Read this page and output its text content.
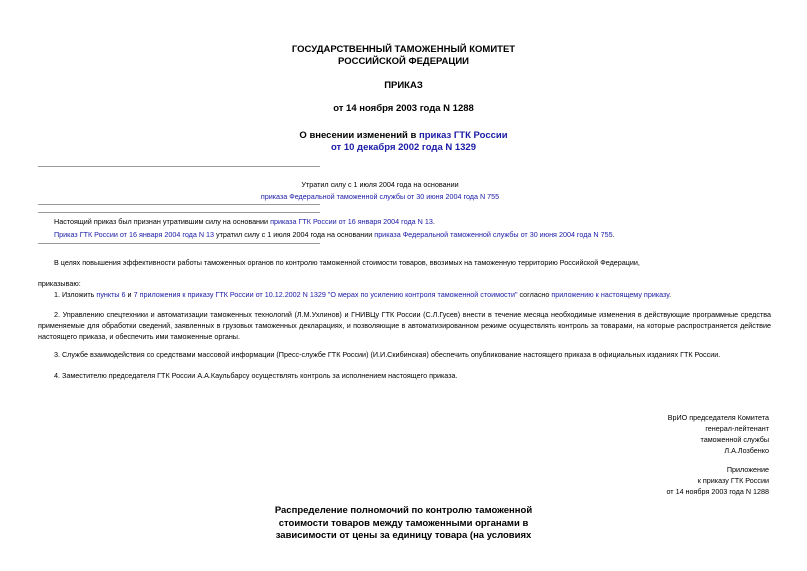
ГОСУДАРСТВЕННЫЙ ТАМОЖЕННЫЙ КОМИТЕТ

РОССИЙСКОЙ ФЕДЕРАЦИИ

ПРИКАЗ
от 14 ноября 2003 года N 1288

О внесении изменений в приказ ГТК России

от 10 декабря 2002 года N 1329

Утратил силу с 1 июля 2004 года на основании

приказа Федеральной таможенной службы от 30 июня 2004 года N 755

Настоящий приказ был признан утратившим силу на основании приказа ГТК России от 16 января 2004 года N 13.

Приказ ГТК России от 16 января 2004 года N 13 утратил силу с 1 июля 2004 года на основании приказа Федеральной таможенной службы от 30 июня 2004 года N 755.

В целях повышения эффективности работы таможенных органов по контролю таможенной стоимости товаров, ввозимых на таможенную территорию Российской Федерации,
приказываю:
1. Изложить пункты 6 и 7 приложения к приказу ГТК России от 10.12.2002 N 1329 "О мерах по усилению контроля таможенной стоимости" согласно приложению к настоящему приказу.
2. Управлению спецтехники и автоматизации таможенных технологий (Л.М.Ухлинов) и ГНИВЦу ГТК России (С.Л.Гусев) внести в течение месяца необходимые изменения в действующие программные средства применяемые для обработки сведений, заявленных в грузовых таможенных декларациях, и позволяющие в автоматизированном режиме осуществлять контроль за товарами, на которые распространяется действие настоящего приказа, и обеспечить ими таможенные органы.
3. Службе взаимодействия со средствами массовой информации (Пресс-службе ГТК России) (И.И.Скибинская) обеспечить опубликование настоящего приказа в официальных изданиях ГТК России.
4. Заместителю председателя ГТК России А.А.Каульбарсу осуществлять контроль за исполнением настоящего приказа.

ВрИО председателя Комитета

генерал-лейтенант

таможенной службы

Л.А.Лозбенко

Приложение

к приказу ГТК России

от 14 ноября 2003 года N 1288

Распределение полномочий по контролю таможенной

стоимости товаров между таможенными органами в

зависимости от цены за единицу товара (на условиях
